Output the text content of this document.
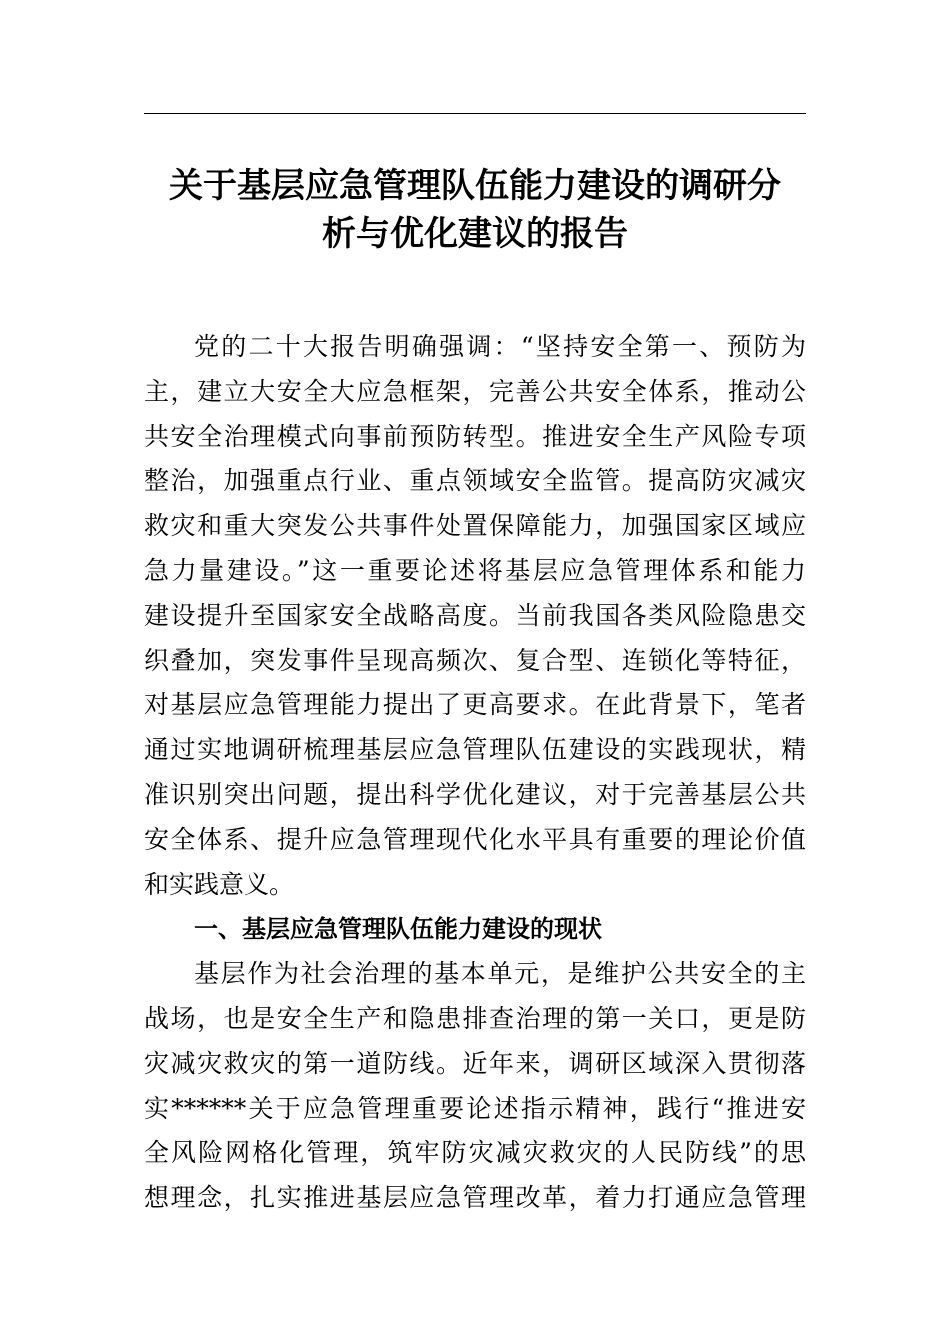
关于基层应急管理队伍能力建设的调研分
析与优化建议的报告
党的二十大报告明确强调：“坚持安全第一、预防为
主，建立大安全大应急框架，完善公共安全体系，推动公
共安全治理模式向事前预防转型。推进安全生产风险专项
整治，加强重点行业、重点领域安全监管。提高防灾减灾
救灾和重大突发公共事件处置保障能力，加强国家区域应
急力量建设。”这一重要论述将基层应急管理体系和能力
建设提升至国家安全战略高度。当前我国各类风险隐患交
织叠加，突发事件呈现高频次、复合型、连锁化等特征，
对基层应急管理能力提出了更高要求。在此背景下，笔者
通过实地调研梳理基层应急管理队伍建设的实践现状，精
准识别突出问题，提出科学优化建议，对于完善基层公共
安全体系、提升应急管理现代化水平具有重要的理论价值
和实践意义。
一、基层应急管理队伍能力建设的现状
基层作为社会治理的基本单元，是维护公共安全的主
战场，也是安全生产和隐患排查治理的第一关口，更是防
灾减灾救灾的第一道防线。近年来，调研区域深入贯彻落
实******关于应急管理重要论述指示精神，践行“推进安
全风险网格化管理，筑牢防灾减灾救灾的人民防线”的思
想理念，扎实推进基层应急管理改革，着力打通应急管理
